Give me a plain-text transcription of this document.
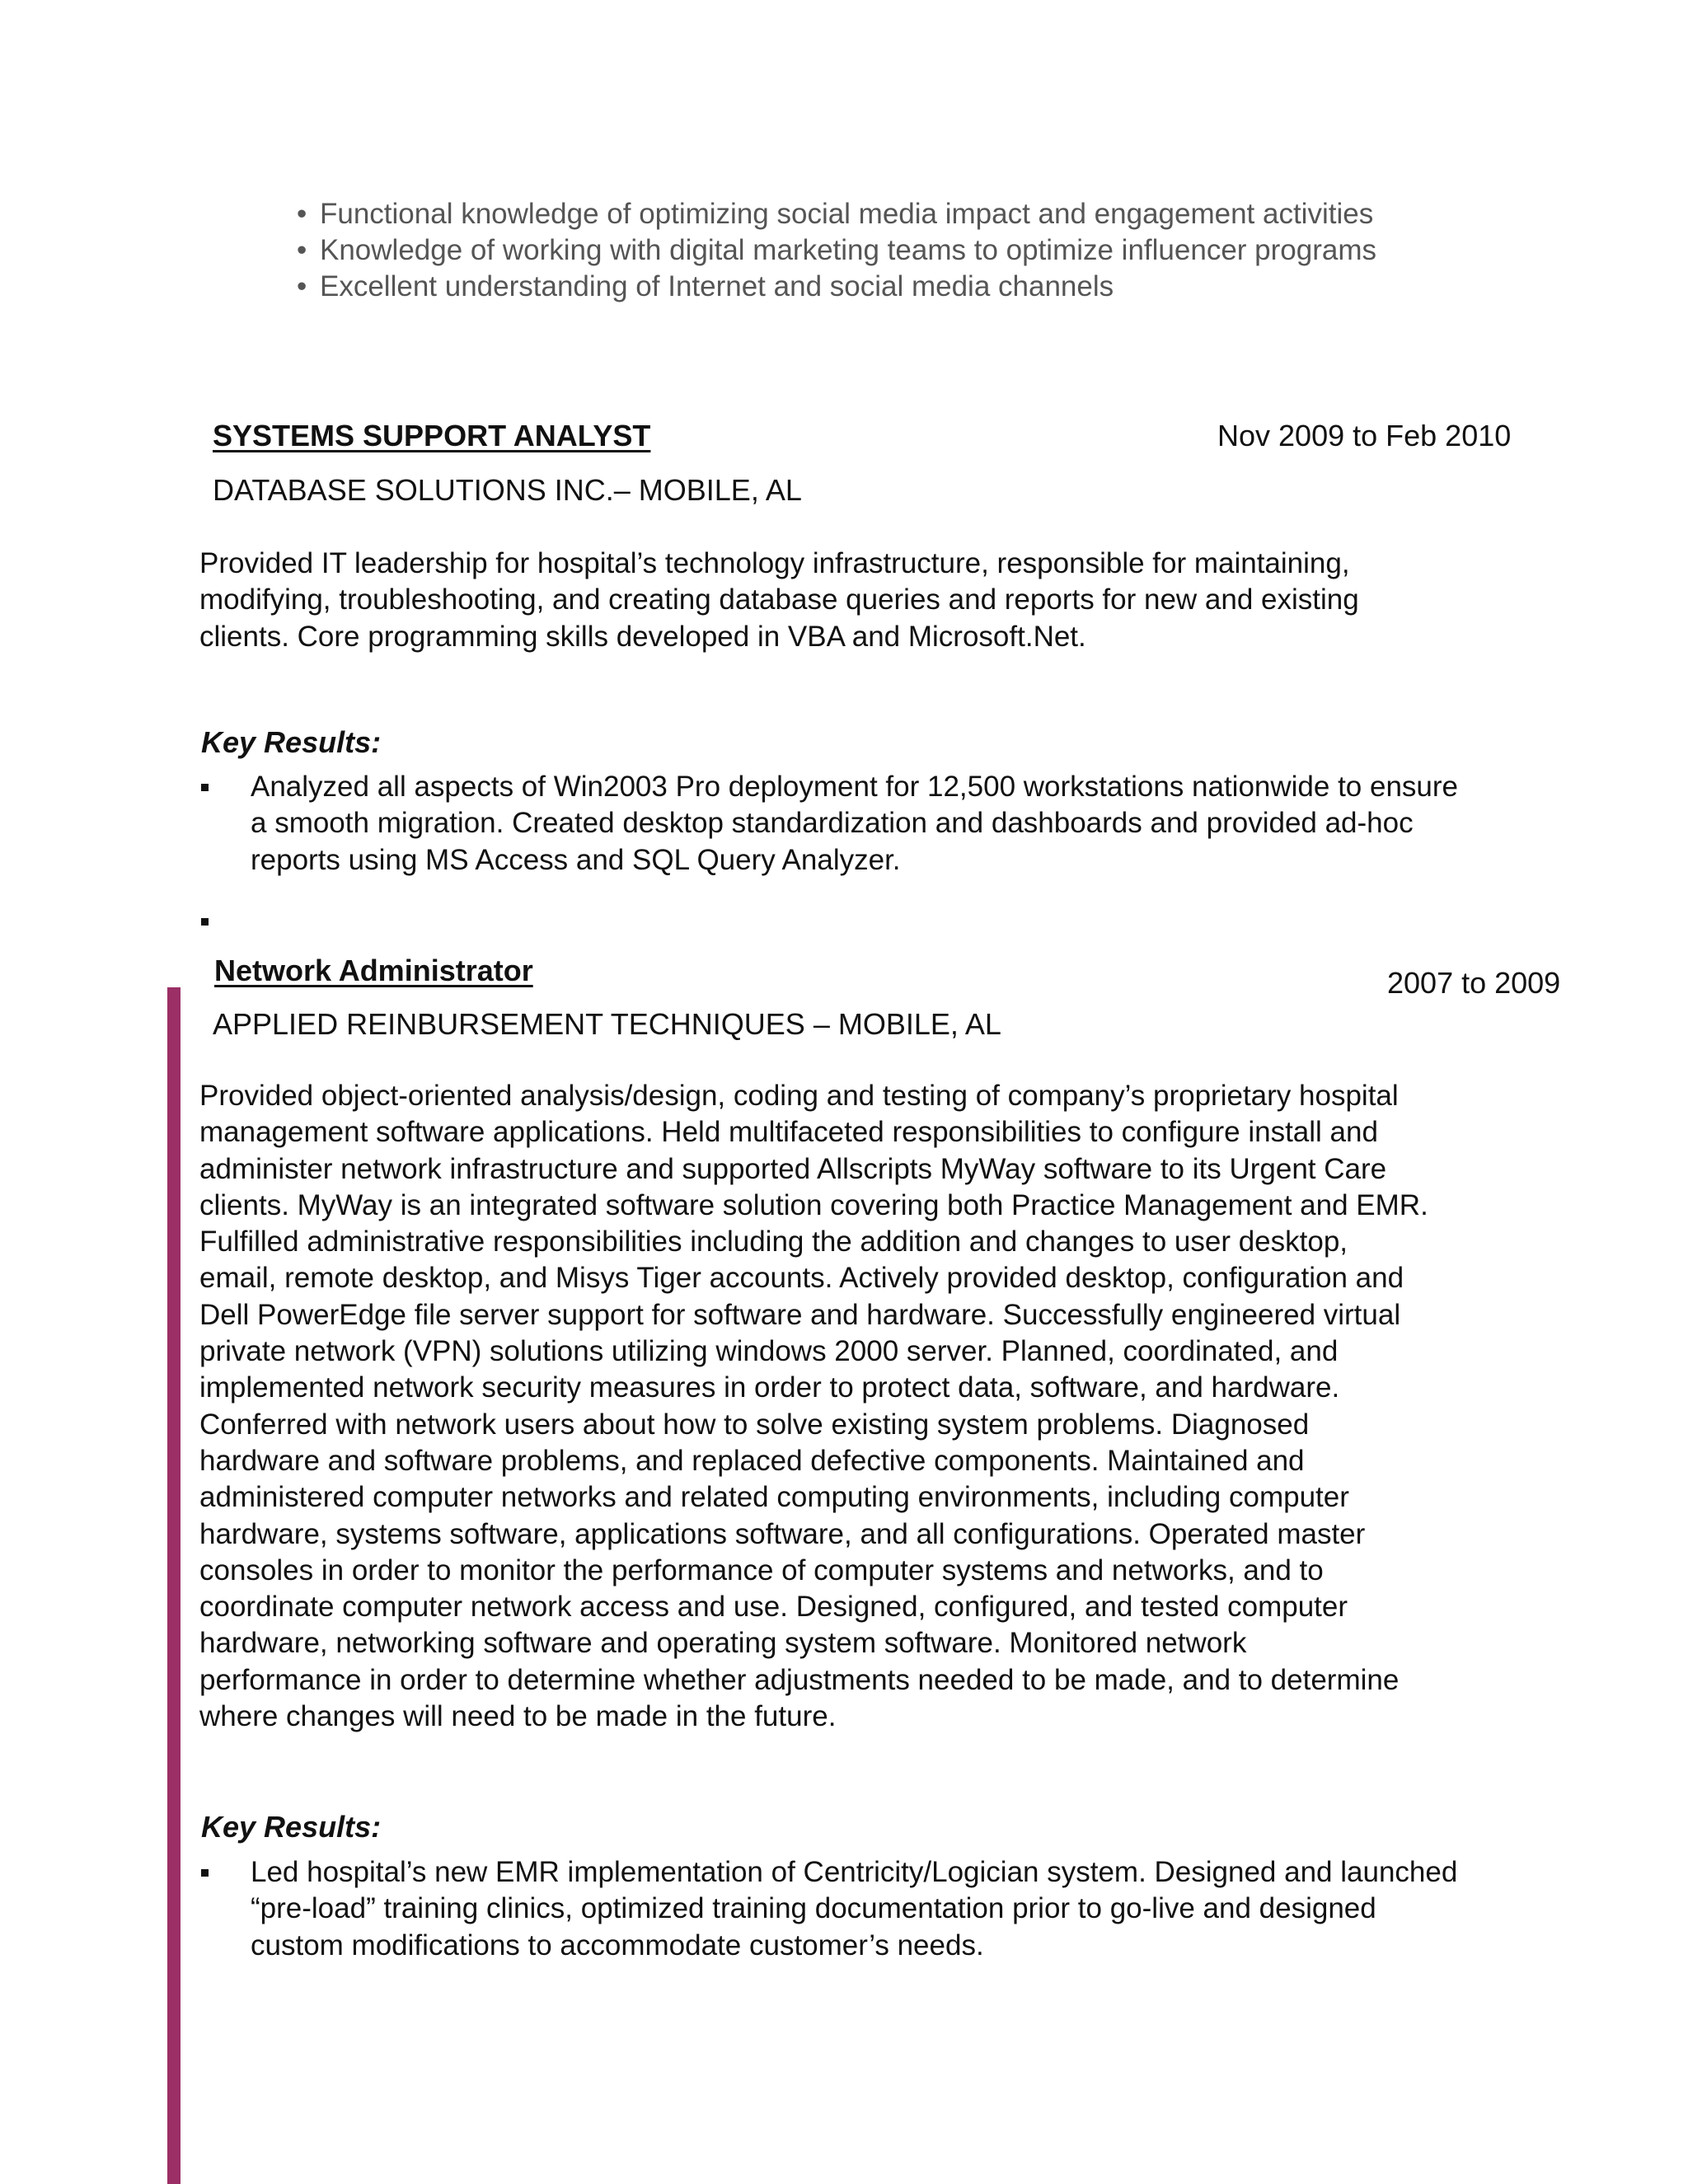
• Functional knowledge of optimizing social media impact and engagement activities
• Knowledge of working with digital marketing teams to optimize influencer programs
• Excellent understanding of Internet and social media channels
SYSTEMS SUPPORT ANALYST	Nov 2009 to Feb 2010
DATABASE SOLUTIONS INC.– MOBILE, AL

Provided IT leadership for hospital’s technology infrastructure, responsible for maintaining,
modifying, troubleshooting, and creating database queries and reports for new and existing
clients. Core programming skills developed in VBA and Microsoft.Net.

Key Results:
Analyzed all aspects of Win2003 Pro deployment for 12,500 workstations nationwide to ensure
a smooth migration. Created desktop standardization and dashboards and provided ad-hoc
reports using MS Access and SQL Query Analyzer.
Network Administrator	2007 to 2009
APPLIED REINBURSEMENT TECHNIQUES – MOBILE, AL

Provided object-oriented analysis/design, coding and testing of company’s proprietary hospital
management software applications. Held multifaceted responsibilities to configure install and
administer network infrastructure and supported Allscripts MyWay software to its Urgent Care
clients. MyWay is an integrated software solution covering both Practice Management and EMR.
Fulfilled administrative responsibilities including the addition and changes to user desktop,
email, remote desktop, and Misys Tiger accounts. Actively provided desktop, configuration and
Dell PowerEdge file server support for software and hardware. Successfully engineered virtual
private network (VPN) solutions utilizing windows 2000 server. Planned, coordinated, and
implemented network security measures in order to protect data, software, and hardware.
Conferred with network users about how to solve existing system problems. Diagnosed
hardware and software problems, and replaced defective components. Maintained and
administered computer networks and related computing environments, including computer
hardware, systems software, applications software, and all configurations. Operated master
consoles in order to monitor the performance of computer systems and networks, and to
coordinate computer network access and use. Designed, configured, and tested computer
hardware, networking software and operating system software. Monitored network
performance in order to determine whether adjustments needed to be made, and to determine
where changes will need to be made in the future.

Key Results:
Led hospital’s new EMR implementation of Centricity/Logician system. Designed and launched
“pre-load” training clinics, optimized training documentation prior to go-live and designed
custom modifications to accommodate customer’s needs.
